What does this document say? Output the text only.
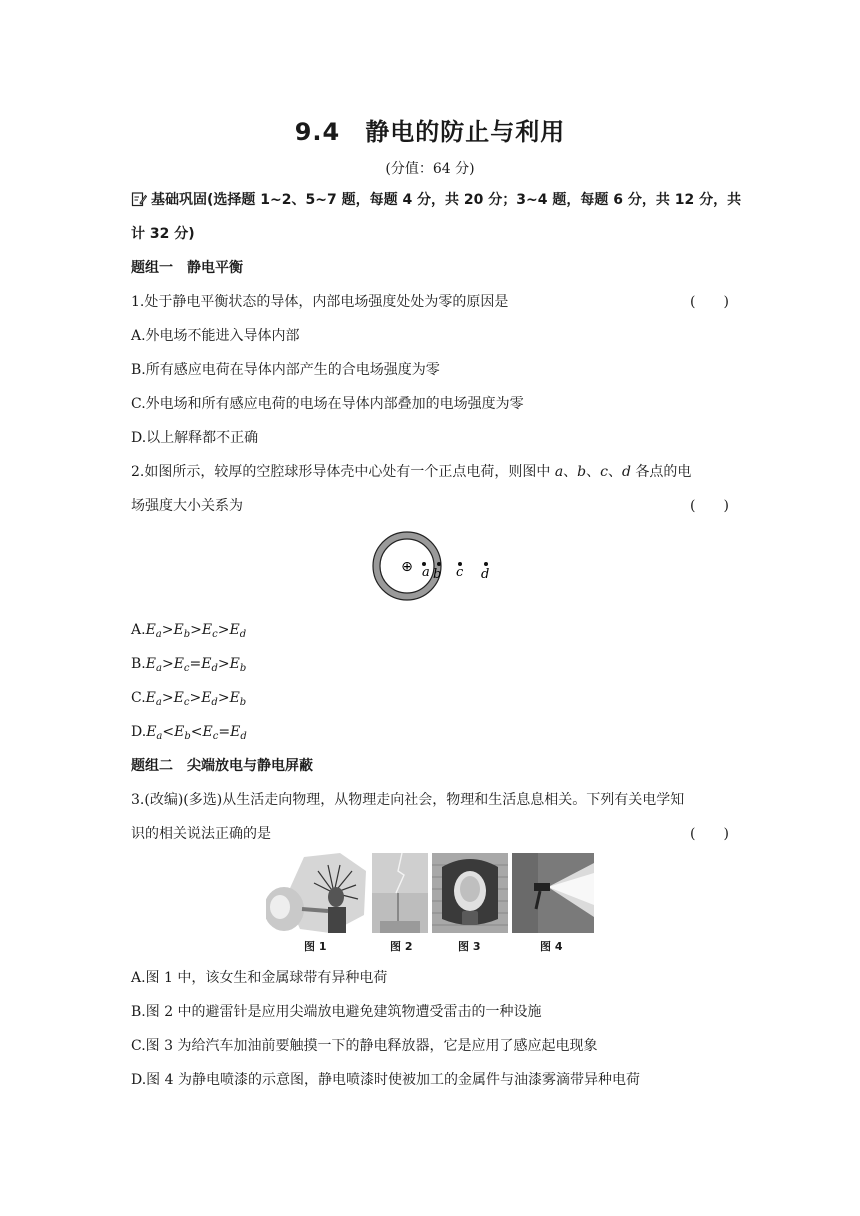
9.4　静电的防止与利用
(分值：64 分)
基础巩固(选择题 1~2、5~7 题，每题 4 分，共 20 分；3~4 题，每题 6 分，共 12 分，共
计 32 分)
题组一　静电平衡
1.处于静电平衡状态的导体，内部电场强度处处为零的原因是	(　　)
A.外电场不能进入导体内部
B.所有感应电荷在导体内部产生的合电场强度为零
C.外电场和所有感应电荷的电场在导体内部叠加的电场强度为零
D.以上解释都不正确
2.如图所示，较厚的空腔球形导体壳中心处有一个正点电荷，则图中 a、b、c、d 各点的电
场强度大小关系为	(　　)
⊕ a b c d
$A.E_a>E_b>E_c>E_d$
$B.E_a>E_c=E_d>E_b$
$C.E_a>E_c>E_d>E_b$
$D.E_a<E_b<E_c=E_d$
题组二　尖端放电与静电屏蔽
3.(改编)(多选)从生活走向物理，从物理走向社会，物理和生活息息相关。下列有关电学知
识的相关说法正确的是	(　　)
图 1	图 2	图 3	图 4
A.图 1 中，该女生和金属球带有异种电荷
B.图 2 中的避雷针是应用尖端放电避免建筑物遭受雷击的一种设施
C.图 3 为给汽车加油前要触摸一下的静电释放器，它是应用了感应起电现象
D.图 4 为静电喷漆的示意图，静电喷漆时使被加工的金属件与油漆雾滴带异种电荷
